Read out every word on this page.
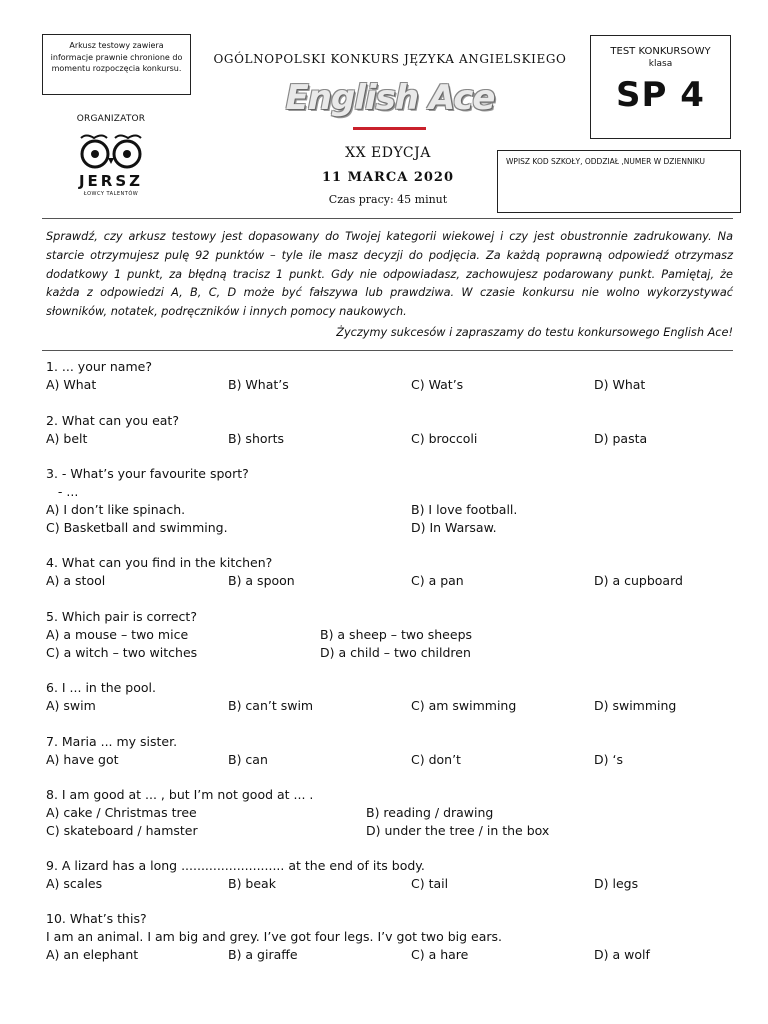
Arkusz testowy zawiera informacje prawnie chronione do momentu rozpoczęcia konkursu.
ORGANIZATOR
JERSZ
ŁOWCY TALENTÓW
OGÓLNOPOLSKI KONKURS JĘZYKA ANGIELSKIEGO
English Ace
XX EDYCJA
11 MARCA 2020
Czas pracy: 45 minut
TEST KONKURSOWY
klasa
SP 4
WPISZ KOD SZKOŁY, ODDZIAŁ ,NUMER W DZIENNIKU
Sprawdź, czy arkusz testowy jest dopasowany do Twojej kategorii wiekowej i czy jest obustronnie zadrukowany. Na starcie otrzymujesz pulę 92 punktów – tyle ile masz decyzji do podjęcia. Za każdą poprawną odpowiedź otrzymasz dodatkowy 1 punkt, za błędną tracisz 1 punkt. Gdy nie odpowiadasz, zachowujesz podarowany punkt. Pamiętaj, że każda z odpowiedzi A, B, C, D może być fałszywa lub prawdziwa. W czasie konkursu nie wolno wykorzystywać słowników, notatek, podręczników i innych pomocy naukowych.
Życzymy sukcesów i zapraszamy do testu konkursowego English Ace!
1. ... your name?
A) What	B) What’s	C) Wat’s	D) What
2. What can you eat?
A) belt	B) shorts	C) broccoli	D) pasta
3. - What’s your favourite sport?
- ...
A) I don’t like spinach.	B) I love football.
C) Basketball and swimming.	D) In Warsaw.
4. What can you find in the kitchen?
A) a stool	B) a spoon	C) a pan	D) a cupboard
5. Which pair is correct?
A) a mouse – two mice	B) a sheep – two sheeps
C) a witch – two witches	D) a child – two children
6. I ... in the pool.
A) swim	B) can’t swim	C) am swimming	D) swimming
7. Maria ... my sister.
A) have got	B) can	C) don’t	D) ‘s
8. I am good at ... , but I’m not good at ... .
A) cake / Christmas tree	B) reading / drawing
C) skateboard / hamster	D) under the tree / in the box
9. A lizard has a long .......................... at the end of its body.
A) scales	B) beak	C) tail	D) legs
10. What’s this?
I am an animal. I am big and grey. I’ve got four legs. I’v got two big ears.
A) an elephant	B) a giraffe	C) a hare	D) a wolf
